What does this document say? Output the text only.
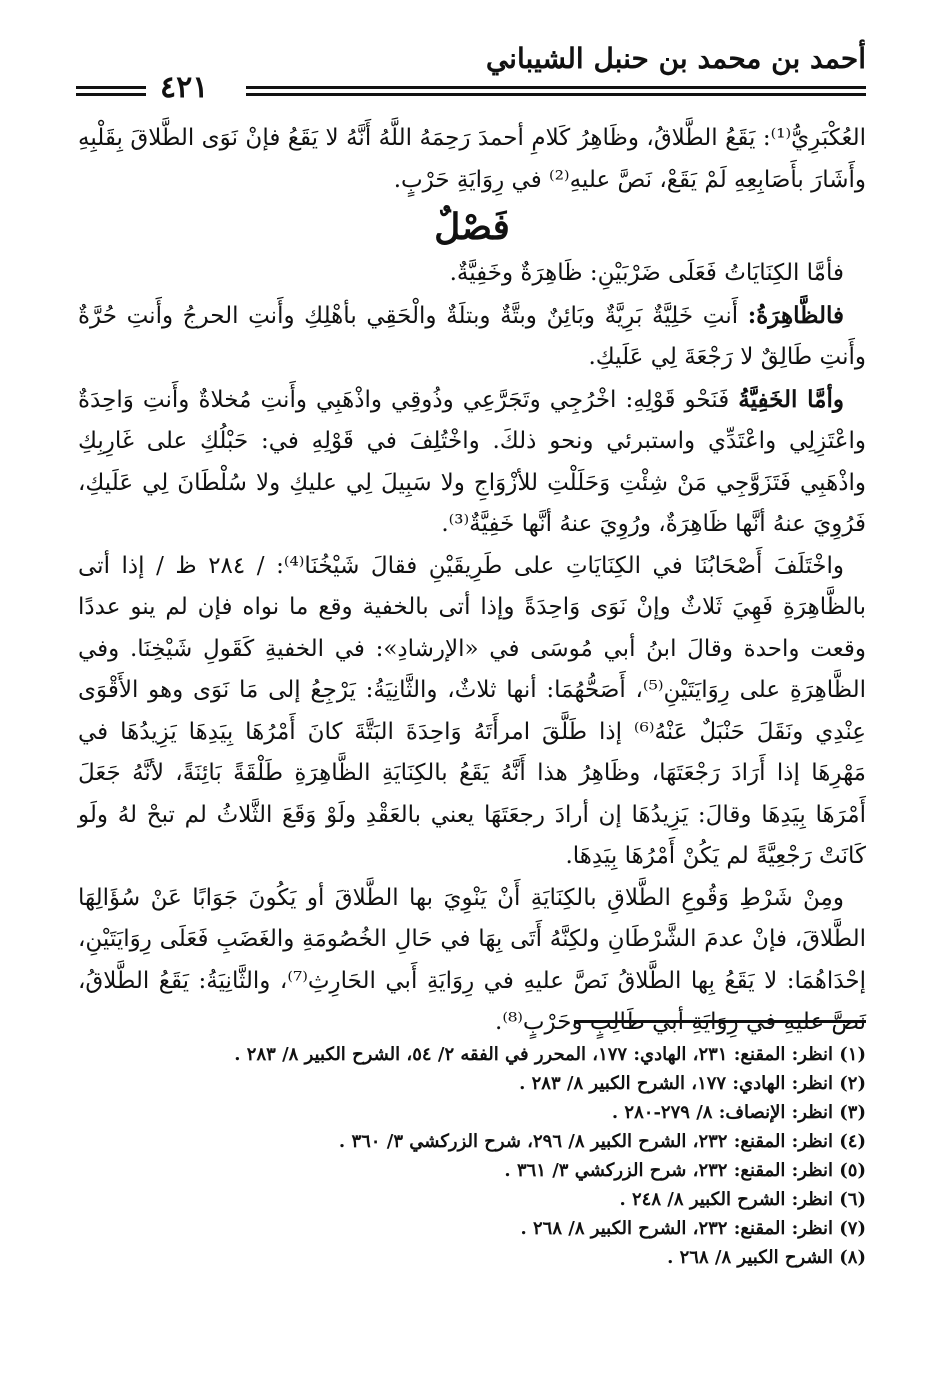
أحمد بن محمد بن حنبل الشيباني
٤٢١

العُكْبَرِيُّ⁽¹⁾: يَقَعُ الطَّلاقُ، وظَاهِرُ كَلامِ أحمدَ رَحِمَهُ اللَّهُ أَنَّهُ لا يَقَعُ فإنْ نَوَى الطَّلاقَ بِقَلْبِهِ وأَشَارَ بأَصَابِعِهِ لَمْ يَقَعْ، نَصَّ عليهِ⁽²⁾ في رِوَايَةِ حَرْبٍ.

فَصْلٌ

فأمَّا الكِنَايَاتُ فَعَلَى ضَرْبَيْنِ: ظَاهِرَةٌ وخَفِيَّةٌ.

فالظَّاهِرَةُ: أَنتِ خَلِيَّةٌ بَرِيَّةٌ وبَائِنٌ وبتَّةٌ وبتلَةٌ والْحَقِي بأهْلِكِ وأَنتِ الحرجُ وأَنتِ حُرَّةٌ وأَنتِ طَالِقٌ لا رَجْعَةَ لِي عَلَيكِ.

وأمَّا الخَفِيَّةُ فَنَحْو قَوْلِهِ: اخْرُجِي وتَجَرَّعِي وذُوقِي واذْهَبِي وأَنتِ مُخلاةٌ وأَنتِ وَاحِدَةٌ واعْتَزِلِي واعْتَدِّي واستبرئي ونحو ذلكَ. واخْتُلِفَ في قَوْلِهِ في: حَبْلُكِ على غَارِبِكِ واذْهَبِي فَتَزَوَّجِي مَنْ شِئْتِ وَحَلَلْتِ للأزْوَاجِ ولا سَبِيلَ لِي عليكِ ولا سُلْطَانَ لِي عَلَيكِ، فَرُوِيَ عنهُ أنَّها ظَاهِرَةٌ، ورُوِيَ عنهُ أنَّها خَفِيَّةٌ⁽³⁾.

واخْتَلَفَ أَصْحَابُنَا في الكِنَايَاتِ على طَرِيقَيْنِ فقالَ شَيْخُنَا⁽⁴⁾: / ٢٨٤ ظ / إذا أتى بالظَّاهِرَةِ فَهِيَ ثَلاثٌ وإنْ نَوَى وَاحِدَةً وإذا أتى بالخفية وقع ما نواه فإن لم ينو عددًا وقعت واحدة وقالَ ابنُ أبي مُوسَى في «الإرشادِ»: في الخفيةِ كَقَولِ شَيْخِنَا. وفي الظَّاهِرَةِ على رِوَايَتَيْنِ⁽⁵⁾، أَصَحُّهُمَا: أنها ثلاثٌ، والثَّانِيَةُ: يَرْجِعُ إلى مَا نَوَى وهو الأَقْوَى عِنْدِي ونَقَلَ حَنْبَلٌ عَنْهُ⁽⁶⁾ إذا طَلَّقَ امرأَتَهُ وَاحِدَةَ البَتَّةَ كانَ أَمْرُهَا بِيَدِهَا يَزِيدُهَا في مَهْرِهَا إذا أَرَادَ رَجْعَتَهَا، وظَاهِرُ هذا أَنَّهُ يَقَعُ بالكِنَايَةِ الظَّاهِرَةِ طَلْقَةً بَائِنَةً، لأنَّهُ جَعَلَ أَمْرَهَا بِيَدِهَا وقالَ: يَزِيدُهَا إن أرادَ رجعَتَهَا يعني بالعَقْدِ ولَوْ وَقَعَ الثَّلاثُ لم تبحْ لهُ ولَو كَانَتْ رَجْعِيَّةً لم يَكُنْ أَمْرُهَا بِيَدِهَا.

ومِنْ شَرْطِ وَقُوعِ الطَّلاقِ بالكِنَايَةِ أَنْ يَنْوِيَ بها الطَّلاقَ أو يَكُونَ جَوَابًا عَنْ سُؤَالِهَا الطَّلاقَ، فإنْ عدمَ الشَّرْطَانِ ولكِنَّهُ أَتَى بِهَا في حَالِ الخُصُومَةِ والغَضَبِ فَعَلَى رِوَايَتَيْنِ، إحْدَاهُمَا: لا يَقَعُ بِها الطَّلاقُ نَصَّ عليهِ في رِوَايَةِ أَبي الحَارِثِ⁽⁷⁾، والثَّانِيَةُ: يَقَعُ الطَّلاقُ، نَصَّ عليهِ في رِوَايَةِ أبي طَالِبٍ وحَرْبٍ⁽⁸⁾.

(١) انظر: المقنع: ٢٣١، الهادي: ١٧٧، المحرر في الفقه ٢/ ٥٤، الشرح الكبير ٨/ ٢٨٣ .

(٢) انظر: الهادي: ١٧٧، الشرح الكبير ٨/ ٢٨٣ .

(٣) انظر: الإنصاف: ٨/ ٢٧٩-٢٨٠ .

(٤) انظر: المقنع: ٢٣٢، الشرح الكبير ٨/ ٢٩٦، شرح الزركشي ٣/ ٣٦٠ .

(٥) انظر: المقنع: ٢٣٢، شرح الزركشي ٣/ ٣٦١ .

(٦) انظر: الشرح الكبير ٨/ ٢٤٨ .

(٧) انظر: المقنع: ٢٣٢، الشرح الكبير ٨/ ٢٦٨ .

(٨) الشرح الكبير ٨/ ٢٦٨ .
